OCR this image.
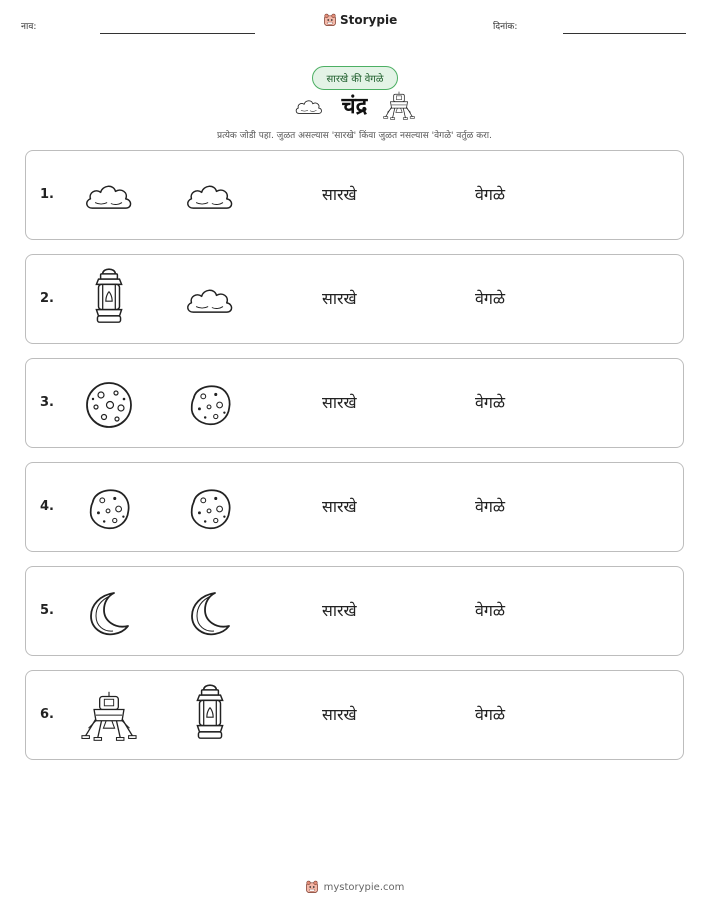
नाव:	Storypie	दिनांक:
सारखे की वेगळे
चंद्र
प्रत्येक जोडी पहा. जुळत असल्यास 'सारखे' किंवा जुळत नसल्यास 'वेगळे' वर्तुळ करा.
1.	सारखे	वेगळे
2.	सारखे	वेगळे
3.	सारखे	वेगळे
4.	सारखे	वेगळे
5.	सारखे	वेगळे
6.	सारखे	वेगळे
mystorypie.com
